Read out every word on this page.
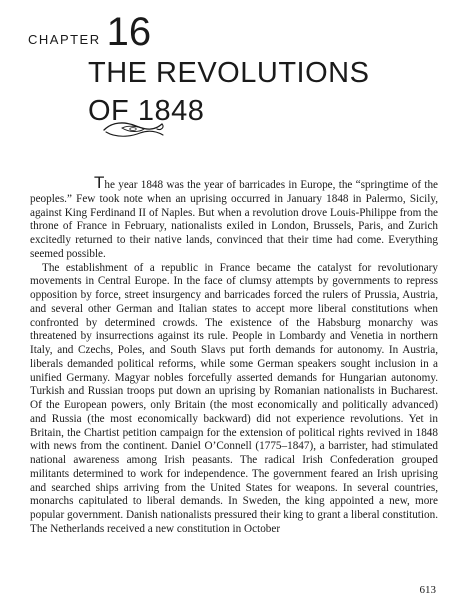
CHAPTER 16
THE REVOLUTIONS
OF 1848

The year 1848 was the year of barricades in Europe, the “springtime of the peoples.” Few took note when an uprising occurred in January 1848 in Palermo, Sicily, against King Ferdinand II of Naples. But when a revolution drove Louis-Philippe from the throne of France in February, nationalists exiled in London, Brussels, Paris, and Zurich excitedly returned to their native lands, convinced that their time had come. Everything seemed possible.

The establishment of a republic in France became the catalyst for revolutionary movements in Central Europe. In the face of clumsy attempts by governments to repress opposition by force, street insurgency and barricades forced the rulers of Prussia, Austria, and several other German and Italian states to accept more liberal constitutions when confronted by determined crowds. The existence of the Habsburg monarchy was threatened by insurrections against its rule. People in Lombardy and Venetia in northern Italy, and Czechs, Poles, and South Slavs put forth demands for autonomy. In Austria, liberals demanded political reforms, while some German speakers sought inclusion in a unified Germany. Magyar nobles forcefully asserted demands for Hungarian autonomy. Turkish and Russian troops put down an uprising by Romanian nationalists in Bucharest. Of the European powers, only Britain (the most economically and politically advanced) and Russia (the most economically backward) did not experience revolutions. Yet in Britain, the Chartist petition campaign for the extension of political rights revived in 1848 with news from the continent. Daniel O’Connell (1775–1847), a barrister, had stimulated national awareness among Irish peasants. The radical Irish Confederation grouped militants determined to work for independence. The government feared an Irish uprising and searched ships arriving from the United States for weapons. In several countries, monarchs capitulated to liberal demands. In Sweden, the king appointed a new, more popular government. Danish nationalists pressured their king to grant a liberal constitution. The Netherlands received a new constitution in October

613
